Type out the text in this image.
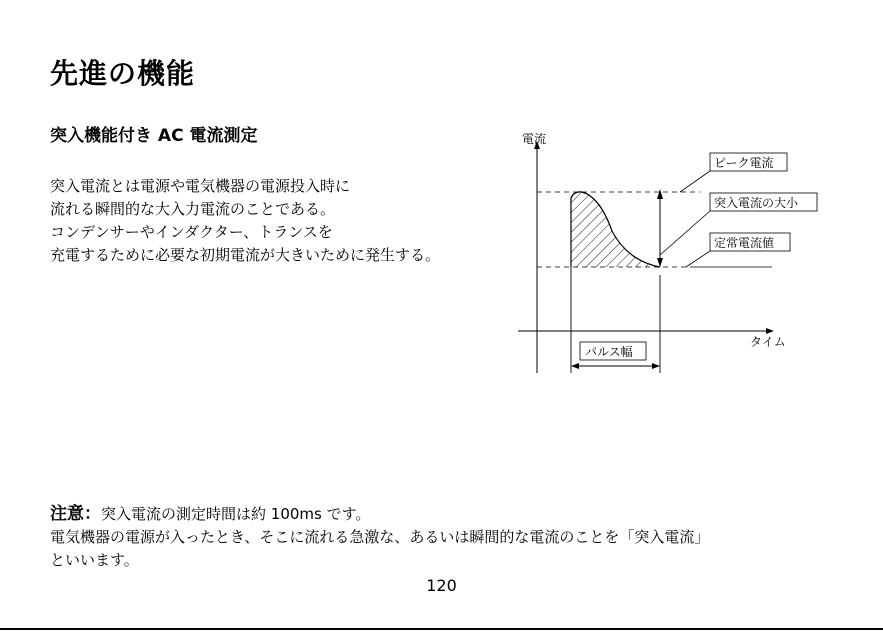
先進の機能
突入機能付き AC 電流測定
突入電流とは電源や電気機器の電源投入時に
流れる瞬間的な大入力電流のことである。
コンデンサーやインダクター、トランスを
充電するために必要な初期電流が大きいために発生する。
電流
タイム
ピーク電流
突入電流の大小
定常電流値
パルス幅
注意：突入電流の測定時間は約 100ms です。
電気機器の電源が入ったとき、そこに流れる急激な、あるいは瞬間的な電流のことを「突入電流」
といいます。
120
